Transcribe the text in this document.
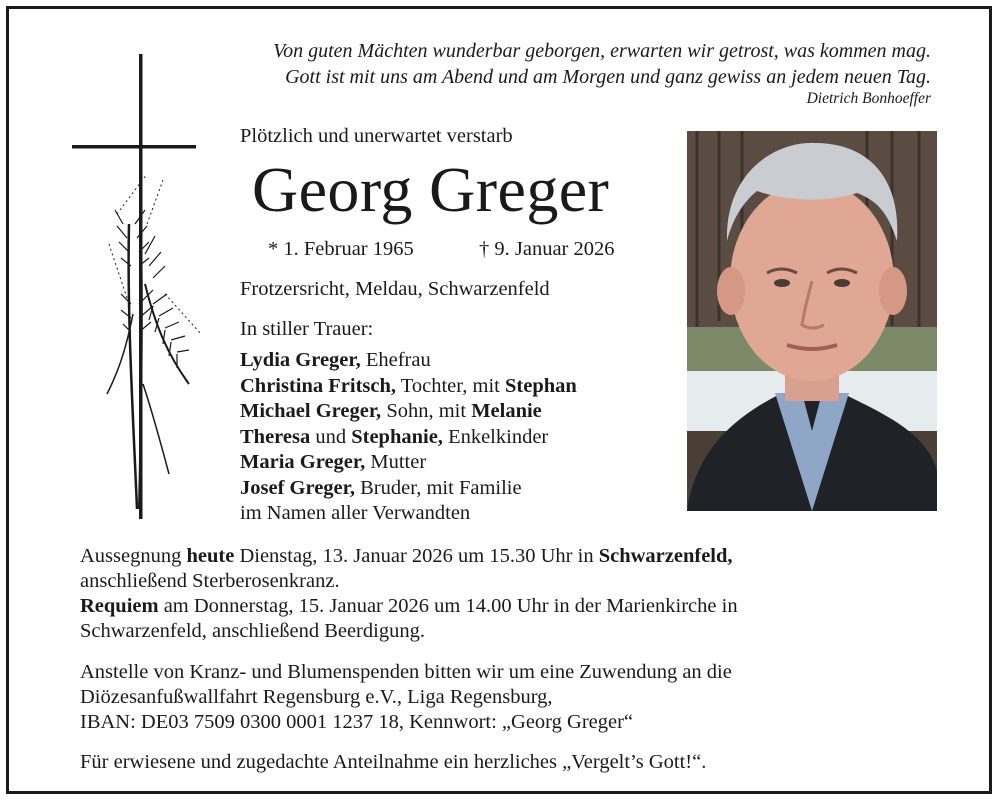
Von guten Mächten wunderbar geborgen, erwarten wir getrost, was kommen mag.
Gott ist mit uns am Abend und am Morgen und ganz gewiss an jedem neuen Tag.
Dietrich Bonhoeffer
Plötzlich und unerwartet verstarb
Georg Greger
* 1. Februar 1965	† 9. Januar 2026
Frotzersricht, Meldau, Schwarzenfeld
In stiller Trauer:
Lydia Greger, Ehefrau
Christina Fritsch, Tochter, mit Stephan
Michael Greger, Sohn, mit Melanie
Theresa und Stephanie, Enkelkinder
Maria Greger, Mutter
Josef Greger, Bruder, mit Familie
im Namen aller Verwandten
Aussegnung heute Dienstag, 13. Januar 2026 um 15.30 Uhr in Schwarzenfeld,
anschließend Sterberosenkranz.
Requiem am Donnerstag, 15. Januar 2026 um 14.00 Uhr in der Marienkirche in
Schwarzenfeld, anschließend Beerdigung.
Anstelle von Kranz- und Blumenspenden bitten wir um eine Zuwendung an die
Diözesanfußwallfahrt Regensburg e.V., Liga Regensburg,
IBAN: DE03 7509 0300 0001 1237 18, Kennwort: „Georg Greger“
Für erwiesene und zugedachte Anteilnahme ein herzliches „Vergelt’s Gott!“.
